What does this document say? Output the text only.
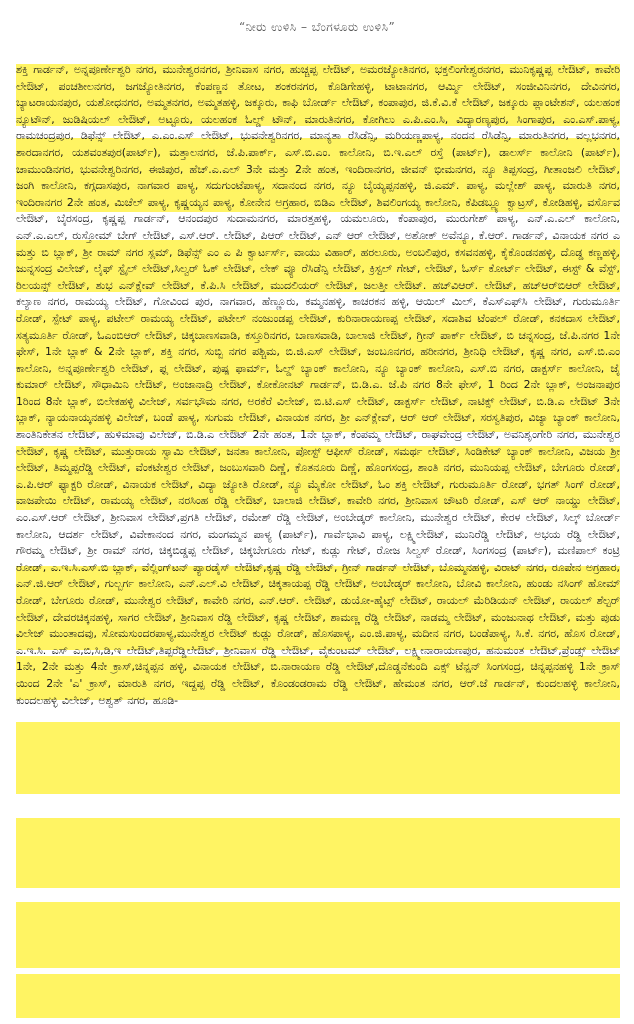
“ನೀರು ಉಳಿಸಿ – ಬೆಂಗಳೂರು ಉಳಿಸಿ”

ಶಕ್ತಿ ಗಾರ್ಡನ್, ಅನ್ನಪೂರ್ಣೇಶ್ವರಿ ನಗರ, ಮುನೇಶ್ವರನಗರ, ಶ್ರೀನಿವಾಸ ನಗರ, ಹುಚ್ಚಪ್ಪ ಲೇಔಟ್, ಅಮರಜ್ಯೋತಿನಗರ, ಭಕ್ತಲಿಂಗೇಶ್ವರನಗರ, ಮುನಿಕೃಷ್ಣಪ್ಪ ಲೇಔಟ್, ಕಾವೇರಿ ಲೇಔಟ್, ಪಂಚಶೀಲನಗರ, ಜಗಜ್ಯೋತಿನಗರ, ಕೆಂಪಣ್ಣನ ತೋಟ, ಶಂಕರನಗರ, ಕೊಡಿಗೇಹಳ್ಳಿ, ಟಾಟಾನಗರ, ಆರ್ಮ್ಮಿ ಲೇಔಟ್, ಸಂಜೀವಿನಿನಗರ, ದೇವಿನಗರ, ಬ್ಯಾಟರಾಯನಪುರ, ಯಶೋಧನಗರ, ಅಮ್ಮತನಗರ, ಅಮ್ಮತಹಳ್ಳಿ, ಜಕ್ಕೂರು, ಕಾಫಿ ಬೋರ್ಡ್ ಲೇಔಟ್, ಕಂಪಾಪುರ, ಜಿ.ಕೆ.ವಿ.ಕೆ ಲೇಔಟ್, ಜಕ್ಕೂರು ಪ್ಲಾಂಟೇಶನ್, ಯಲಹಂಕ ನ್ಯೂಟೌನ್, ಜುಡಿಷಿಯಲ್ ಲೇಔಟ್, ಅಟ್ಟೂರು, ಯಲಹಂಕ ಓಲ್ಡ್ ಟೌನ್, ಮಾರುತಿನಗರ, ಕೋಗಿಲು ಎ.ಪಿ.ಎಂ.ಸಿ, ವಿದ್ಯಾರಣ್ಯಪುರ, ಸಿಂಗಾಪುರ, ಎಂ.ಎಸ್.ಪಾಳ್ಯ, ರಾಮಚಂದ್ರಪುರ, ಡಿಫೆನ್ಸ್ ಲೇಔಟ್, ಎ.ಎಂ.ಎಸ್ ಲೇಔಟ್, ಭುವನೇಶ್ವರಿನಗರ, ಮಾನ್ಯತಾ ರೆಸಿಡೆನ್ಸಿ, ಮರಿಯಣ್ಣಪಾಳ್ಯ, ನಂದನ ರೆಸಿಡೆನ್ಸಿ, ಮಾರುತಿನಗರ, ವಲ್ಲಭನಗರ, ಶಾರದಾನಗರ, ಯಶವಂತಪುರ(ಪಾರ್ಟ್), ಮತ್ತಾಲನಗರ, ಜೆ.ಪಿ.ಪಾರ್ಕ್, ಎಸ್.ಬಿ.ಎಂ. ಕಾಲೋನಿ, ಬಿ.ಇ.ಎಲ್ ರಸ್ತೆ (ಪಾರ್ಟ್), ಡಾಲರ್ಸ್ ಕಾಲೋನಿ (ಪಾರ್ಟ್), ಚಾಮುಂಡಿನಗರ, ಭುವನೇಶ್ವರಿನಗರ, ಈಜಿಪುರ, ಹೆಚ್.ಎ.ಎಲ್ 3ನೇ ಮತ್ತು 2ನೇ ಹಂತ, ಇಂದಿರಾನಗರ, ಜೀವನ್ ಭೀಮನಗರ, ನ್ಯೂ ತಿಪ್ಪಸಂದ್ರ, ಗೀತಾಂಜಲಿ ಲೇಔಟ್, ಜಂಗಿ ಕಾಲೋನಿ, ಕಗ್ಗದಾಸಪುರ, ನಾಗವಾರ ಪಾಳ್ಯ, ಸದುಗುಂಟೆಪಾಳ್ಯ, ಸದಾನಂದ ನಗರ, ನ್ಯೂ ಬೈಯ್ಯಪ್ಪನಹಳ್ಳಿ, ಜಿ.ಎಮ್. ಪಾಳ್ಯ, ಮಲ್ಲೇಶ್ ಪಾಳ್ಯ, ಮಾರುತಿ ನಗರ, ಇಂದಿರಾನಗರ 2ನೇ ಹಂತ, ಮಿಚೆಲ್ ಪಾಳ್ಯ, ಕೃಷ್ಣಯ್ಯನ ಪಾಳ್ಯ, ಕೋನೇನ ಅಗ್ರಹಾರ, ಬಿಡಿಎ ಲೇಔಟ್, ಶಿವಲಿಂಗಯ್ಯ ಕಾಲೋನಿ, ಕೆಪಿಡಬ್ಲ್ಯೂ ಕ್ವಾಟ್ರಸ್, ಕೋಡಿಹಳ್ಳಿ, ವರ್ಸೊವ ಲೇಔಟ್, ಬೈರಸಂದ್ರ, ಕೃಷ್ಣಪ್ಪ ಗಾರ್ಡನ್, ಆನಂದಪುರ ಸುದಾಮನಗರ, ಮಾರತ್ತಹಳ್ಳಿ, ಯಮಲೂರು, ಕೆಂಪಾಪುರ, ಮುರುಗೇಶ್ ಪಾಳ್ಯ, ಎನ್.ಎ.ಎಲ್ ಕಾಲೋನಿ, ಎನ್.ಎ.ಎಲ್, ರುಸ್ತೋಮ್ ಬೇಗ್ ಲೇಔಟ್, ಎಸ್.ಆರ್. ಲೇಔಟ್, ಪಿಆರ್ ಲೇಔಟ್, ಎನ್ ಆರ್ ಲೇಔಟ್, ಅಶೋಕ್ ಅವೆನ್ಯೂ, ಕೆ.ಆರ್. ಗಾರ್ಡನ್, ವಿನಾಯಕ ನಗರ ಎ ಮತ್ತು ಬಿ ಬ್ಲಾಕ್, ಶ್ರೀ ರಾಮ್ ನಗರ ಸ್ಲಮ್, ಡಿಫೆನ್ಸ್ ಎಂ ಎ ಪಿ ಕ್ವಾರ್ಟರ್ಸ್, ವಾಯು ವಿಹಾರ್, ಹರಲೂರು, ಅಂಬಲಿಪುರ, ಕಸವನಹಳ್ಳಿ, ಕೈಕೊಂಡನಹಳ್ಳಿ, ದೊಡ್ಡ ಕಣ್ಣಹಳ್ಳಿ, ಜುನ್ನಸಂದ್ರ ವಿಲೇಜ್, ಲೈಫ್ ಸ್ಟೈಲ್ ಲೇಔಟ್,ಸಿಲ್ವರ್ ಓಕ್ ಲೇಔಟ್, ಲೇಕ್ ವ್ಯೂ ರೆಸಿಡೆನ್ಸಿ ಲೇಔಟ್, ಕ್ರಿಸ್ಟಲ್ ಗೇಟ್, ಲೇಔಟ್, ಓರ್ಸ್ ಕೋರ್ಟ್ ಲೇಔಟ್, ಈಸ್ಟ್ & ವೆಸ್ಟ್, ರಿಲಯನ್ಸ್ ಲೇಔಟ್, ಶುಭ ಎನ್‌ಕ್ಲೇವ್ ಲೇಔಟ್, ಕೆ.ಪಿ.ಸಿ ಲೇಔಟ್, ಮುದಲಿಯರ್ ಲೇಔಟ್, ಜಲತ್ತೀ ಲೇಔಟ್. ಹಚ್‌ವಿಆರ್. ಲೇಔಟ್, ಹಚ್‌ಆರ್‌ಬಿಆರ್ ಲೇಔಟ್, ಕಲ್ಯಾಣ ನಗರ, ರಾಮಯ್ಯ ಲೇಔಟ್, ಗೋವಿಂದ ಪುರ, ನಾಗವಾರ, ಹೆಣ್ಣೂರು, ಕಮ್ಮನಹಳ್ಳಿ, ಕಾಚರಕನ ಹಳ್ಳಿ, ಆಯಿಲ್ ಮಿಲ್, ಕೆಎಸ್‌ಎಫ್‌ಸಿ ಲೇಔಟ್, ಗುರುಮೂರ್ತಿ ರೋಡ್, ಸ್ಪೇಟ್ ಪಾಳ್ಯ, ಪಟೇಲ್ ರಾಮಯ್ಯ ಲೇಔಟ್, ಪಟೇಲ್ ನಂಜುಂಡಪ್ಪ ಲೇಔಟ್, ಕುರಿನಾರಾಯಣಪ್ಪ ಲೇಔಟ್, ಸದಾಶಿವ ಟೆಂಪಲ್ ರೋಡ್, ಕನಕದಾಸ ಲೇಔಟ್, ಸತ್ಯಮೂರ್ತಿ ರೋಡ್, ಓಎಂಬಿಆರ್ ಲೇಔಟ್, ಚಿಕ್ಕಬಾಣಸವಾಡಿ, ಕಸ್ತೂರಿನಗರ, ಬಾಣಸವಾಡಿ, ಬಾಲಾಜಿ ಲೇಔಟ್, ಗ್ರೀನ್ ಪಾರ್ಕ್ ಲೇಔಟ್, ಬಿ ಚನ್ನಸಂದ್ರ, ಜೆ.ಪಿ.ನಗರ 1ನೇ ಫೇಸ್, 1ನೇ ಬ್ಲಾಕ್ & 2ನೇ ಬ್ಲಾಕ್, ಶಕ್ತಿ ನಗರ, ಸುಬ್ಬಿ ನಗರ ಪಶ್ಚಿಮ, ಬಿ.ಜಿ.ಎಸ್ ಲೇಔಟ್, ಜಂಬೂನಗರ, ಹರೀನಗರ, ಶ್ರೀನಿಧಿ ಲೇಔಟ್, ಕೃಷ್ಣ ನಗರ, ಎಸ್.ಬಿ.ಎಂ ಕಾಲೋನಿ, ಅನ್ನಪೂರ್ಣೇಶ್ವರಿ ಲೇಔಟ್, ಫ್ಲ ಲೇಔಟ್, ಪುಷ್ಪ ಫಾರ್ಮ್, ಓಲ್ಡ್ ಬ್ಯಾಂಕ್ ಕಾಲೋನಿ, ನ್ಯೂ ಬ್ಯಾಂಕ್ ಕಾಲೋನಿ, ಎಸ್.ಬಿ ನಗರ, ಡಾಕ್ಟರ್ಸ್ ಕಾಲೋನಿ, ಜೈ ಕುಮಾರ್ ಲೇಔಟ್, ಸೌಧಾಮಿನಿ ಲೇಔಟ್, ಅಂಜಾನಾದ್ರಿ ಲೇಔಟ್, ಕೋಕೋನಟ್ ಗಾರ್ಡನ್, ಬಿ.ಡಿ.ಎ. ಜೆ.ಪಿ ನಗರ 8ನೇ ಫೇಸ್, 1 ರಿಂದ 2ನೇ ಬ್ಲಾಕ್, ಅಂಜನಾಪುರ 1ರಿಂದ 8ನೇ ಬ್ಲಾಕ್, ಬಿಲೇಕಹಳ್ಳಿ ವಿಲೇಜ್, ಸರ್ವಭೌಮ ನಗರ, ಅರಕೆರೆ ವಿಲೇಜ್, ಬಿ.ಟಿ.ಎಸ್ ಲೇಔಟ್, ಡಾಕ್ಟರ್ಸ್ ಲೇಔಟ್, ನಾಟಿಕ್ಸ್ ಲೇಔಟ್, ಬಿ.ಡಿ.ಎ ಲೇಔಟ್ 3ನೇ ಬ್ಲಾಕ್, ನ್ಯಾಯನಾಯ್ಕನಹಳ್ಳಿ ವಿಲೇಜ್, ಬಂಡೆ ಪಾಳ್ಯ, ಸುಗುಮ ಲೇಔಟ್, ವಿನಾಯಕ ನಗರ, ಶ್ರೀ ಎನ್‌ಕ್ಲೇವ್, ಆರ್ ಆರ್ ಲೇಔಟ್, ಸರಸ್ವತಿಪುರ, ವಿಜ್ಯಾ ಬ್ಯಾಂಕ್ ಕಾಲೋನಿ, ಶಾಂತಿನಿಕೇತನ ಲೇಔಟ್, ಹುಳಿಮಾವು ವಿಲೇಜ್, ಬಿ.ಡಿ.ಎ ಲೇಔಟ್ 2ನೇ ಹಂತ, 1ನೇ ಬ್ಲಾಕ್, ಕೆಂಪಮ್ಮ ಲೇಔಟ್, ರಾಘವೇಂದ್ರ ಲೇಔಟ್, ಅವನಿಶೃಂಗೇರಿ ನಗರ, ಮುನೇಶ್ವರ ಲೇಔಟ್, ಕೃಷ್ಣ ಲೇಔಟ್, ಮುತ್ತುರಾಯ ಸ್ವಾಮಿ ಲೇಔಟ್, ಜನತಾ ಕಾಲೋನಿ, ಪೋಸ್ಟ್ ಆಫೀಸ್ ರೋಡ್, ಸಮರ್ಥ ಲೇಔಟ್, ಸಿಂಡಿಕೇಟ್ ಬ್ಯಾಂಕ್ ಕಾಲೋನಿ, ವಿಜಯ ಶ್ರೀ ಲೇಔಟ್, ತಿಮ್ಮಪ್ಪರೆಡ್ಡಿ ಲೇಔಟ್, ವೆಂಕಟೇಶ್ವರ ಲೇಔಟ್, ಜಂಬುಸವಾರಿ ದಿಣ್ಣೆ, ಕೊತನೂರು ದಿಣ್ಣೆ, ಹೊಂಗಸಂದ್ರ, ಶಾಂತಿ ನಗರ, ಮುನಿಯಪ್ಪ ಲೇಔಟ್, ಬೇಗೂರು ರೋಡ್, ಎ.ಪಿ.ಆರ್ ಫ್ಯಾಕ್ಟರಿ ರೋಡ್, ವಿನಾಯಕ ಲೇಔಟ್, ವಿದ್ಯಾ ಜ್ಯೋತಿ ರೋಡ್, ನ್ಯೂ ಮೈಕೋ ಲೇಔಟ್, ಓಂ ಶಕ್ತಿ ಲೇಔಟ್, ಗುರುಮೂರ್ತಿ ರೋಡ್, ಭಗತ್ ಸಿಂಗ್ ರೋಡ್, ವಾಜಪೇಯಿ ಲೇಔಟ್, ರಾಮಯ್ಯ ಲೇಔಟ್, ನರಸಿಂಹ ರೆಡ್ಡಿ ಲೇಔಟ್, ಬಾಲಾಜಿ ಲೇಔಟ್, ಕಾವೇರಿ ನಗರ, ಶ್ರೀನಿವಾಸ ಚೌಟರಿ ರೋಡ್, ಎಸ್ ಆರ್ ನಾಯ್ಡು ಲೇಔಟ್, ಎಂ.ಎಸ್.ಆರ್ ಲೇಔಟ್, ಶ್ರೀನಿವಾಸ ಲೇಔಟ್,ಪ್ರಗತಿ ಲೇಔಟ್, ರಮೇಶ್ ರೆಡ್ಡಿ ಲೇಔಟ್, ಅಂಬೇಡ್ಕರ್ ಕಾಲೋನಿ, ಮುನೇಶ್ವರ ಲೇಔಟ್, ಕೇರಳ ಲೇಔಟ್, ಸಿಲ್ಕ್ ಬೋರ್ಡ್ ಕಾಲೋನಿ, ಆದರ್ಶ ಲೇಔಟ್, ವಿವೇಕಾನಂದ ನಗರ, ಮಂಗಮ್ಮನ ಪಾಳ್ಯ (ಪಾರ್ಟ್), ಗಾರ್ವೆಭಾವಿ ಪಾಳ್ಯ, ಲಕ್ಷ್ಮಿಲೇಔಟ್, ಮುನಿರೆಡ್ಡಿ ಲೇಔಟ್, ಅಭಯ ರೆಡ್ಡಿ ಲೇಔಟ್, ಗೌರಮ್ಮ ಲೇಔಟ್, ಶ್ರೀ ರಾಮ್ ನಗರ, ಚಿಕ್ಕಬಿಡ್ಡಪ್ಪ ಲೇಔಟ್, ಚಿಕ್ಕಬೇಗೂರು ಗೇಟ್, ಕುಡ್ಲು ಗೇಟ್, ರೋಜ ಸಿಲ್ವಸ್ ರೋಡ್, ಸಿಂಗಸಂದ್ರ (ಪಾರ್ಟ್), ಮಣಿಪಾಲ್ ಕಂಟ್ರಿ ರೋಡ್, ಎ.ಇ.ಸಿ.ಎಸ್.ಬಿ ಬ್ಲಾಕ್, ವೆಲ್ಲಿಂಗ್‌ಟನ್ ಪ್ಯಾರಡೈಸ್ ಲೇಔಟ್,ಕೃಷ್ಣ ರೆಡ್ಡಿ ಲೇಔಟ್, ಗ್ರೀನ್ ಗಾರ್ಡನ್ ಲೇಔಟ್, ಬೊಮ್ಮನಹಳ್ಳಿ, ವಿರಾಟ್ ನಗರ, ರೂಪೇನ ಅಗ್ರಹಾರ, ಎನ್.ಜಿ.ಆರ್ ಲೇಔಟ್, ಗುಲ್ಬರ್ಗ ಕಾಲೋನಿ, ಎನ್.ಎಲ್.ವಿ ಲೇಔಟ್, ಚಿಕ್ಕತಾಯಪ್ಪ ರೆಡ್ಡಿ ಲೇಔಟ್, ಅಂಬೇಡ್ಕರ್ ಕಾಲೋನಿ, ಬೋವಿ ಕಾಲೋನಿ, ಹುಂಡು ನಸಿಂಗ್ ಹೋಮ್ ರೋಡ್, ಬೇಗೂರು ರೋಡ್, ಮುನೇಶ್ವರ ಲೇಔಟ್, ಕಾವೇರಿ ನಗರ, ಎನ್.ಆರ್. ಲೇಔಟ್, ಡುಯೋ-ಹೈಟ್ಸ್ ಲೇಔಟ್, ರಾಯಲ್ ಮೆರಿಡಿಯನ್ ಲೇಔಟ್, ರಾಯಲ್ ಶೆಲ್ಟರ್ ಲೇಔಟ್, ದೇವರಚಿಕ್ಕನಹಳ್ಳಿ, ಸಾಗರ ಲೇಔಟ್, ಶ್ರೀನಿವಾಸ ರೆಡ್ಡಿ ಲೇಔಟ್, ಕೃಷ್ಣ ಲೇಔಟ್, ಶಾಮಣ್ಣ ರೆಡ್ಡಿ ಲೇಔಟ್, ನಾಡಮ್ಮ ಲೇಔಟ್, ಮಂಜುನಾಥ ಲೇಔಟ್, ಮತ್ತು ಪುಡು ವಿಲೇಜ್ ಮುಂತಾದವು, ಸೋಮಸುಂದರಪಾಳ್ಯ,ಮುನೇಶ್ವರ ಲೇಔಟ್ ಕುಡ್ಲು ರೋಡ್, ಹೊಸಪಾಳ್ಯ, ಎಂ.ಜಿ.ಪಾಳ್ಯ, ಮದೀನ ನಗರ, ಬಂಡೆಪಾಳ್ಯ, ಸಿ.ಕೆ. ನಗರ, ಹೊಸ ರೋಡ್, ಎ.ಇ.ಸಿ. ಎಸ್ ಎ,ಬಿ,ಸಿ,ಡಿ,ಇ ಲೇಔಟ್,ತಿಪ್ಪರೆಡ್ಡಿಲೇಔಟ್, ಶ್ರೀನಿವಾಸ ರೆಡ್ಡಿ ಲೇಔಟ್, ವೈಕುಂಟಮ್ ಲೇಔಟ್, ಲಕ್ಷ್ಮೀನಾರಾಯಣಪುರ, ಹನುಮಂತ ಲೇಔಟ್,ಪ್ರೆಂಡ್ಸ್ ಲೇಔಟ್ 1ನೇ, 2ನೇ ಮತ್ತು 4ನೇ ಕ್ರಾಸ್,ಚಿನ್ನಪ್ಪನ ಹಳ್ಳಿ, ವಿನಾಯಕ ಲೇಔಟ್, ಬಿ.ನಾರಾಯಣ ರೆಡ್ಡಿ ಲೇಔಟ್,ದೊಡ್ಡನೆಕುಂದಿ ಎಕ್ಸ್ ಟೆನ್ಷನ್ ಸಿಂಗಸಂದ್ರ, ಚಿನ್ನಪ್ಪನಹಳ್ಳಿ 1ನೇ ಕ್ರಾಸ್ ಯಿಂದ 2ನೇ 'ಎ' ಕ್ರಾಸ್, ಮಾರುತಿ ನಗರ, ಇದ್ದಪ್ಪ ರೆಡ್ಡಿ ಲೇಔಟ್, ಕೊಂಡಂಡರಾಮ ರೆಡ್ಡಿ ಲೇಔಟ್, ಹೇಮಂತ ನಗರ, ಆರ್.ಜೆ ಗಾರ್ಡನ್, ಕುಂದಲಹಳ್ಳಿ ಕಾಲೋನಿ, ಕುಂದಲಹಳ್ಳಿ ವಿಲೇಜ್, ಅಶ್ವತ್ ನಗರ, ಹೂಡಿ-
